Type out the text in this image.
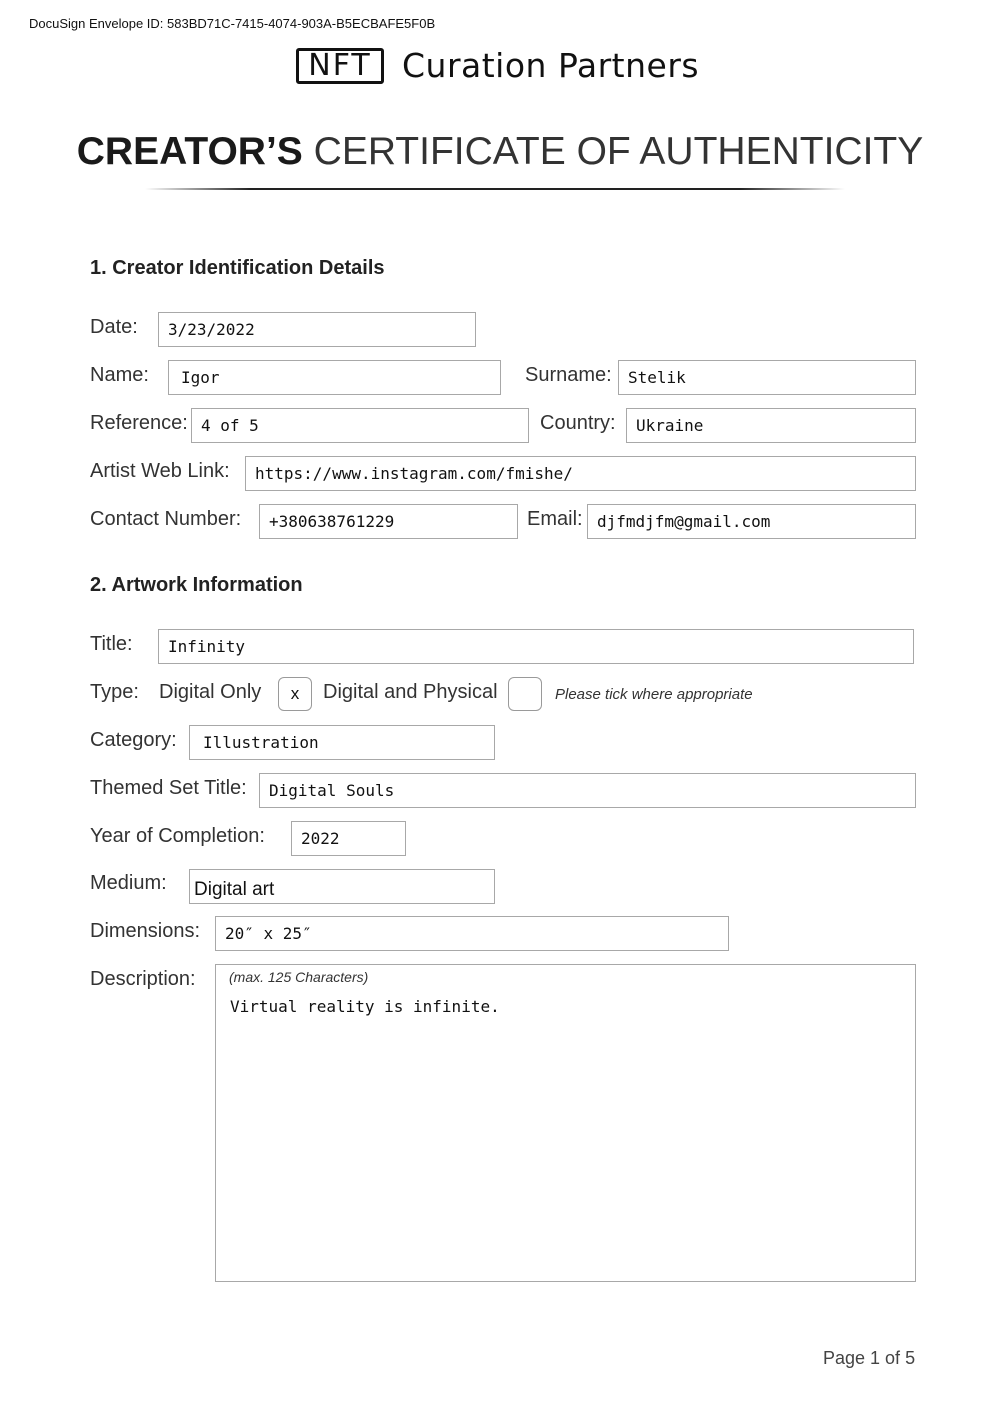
DocuSign Envelope ID: 583BD71C-7415-4074-903A-B5ECBAFE5F0B
NFT Curation Partners
CREATOR’S CERTIFICATE OF AUTHENTICITY
1. Creator Identification Details
Date:	3/23/2022
Name:	Igor	Surname:	Stelik
Reference: 4 of 5	Country:	Ukraine
Artist Web Link:	https://www.instagram.com/fmishe/
Contact Number:	+380638761229	Email: djfmdjfm@gmail.com
2. Artwork Information
Title:	Infinity
Type: Digital Only	x	Digital and Physical	Please tick where appropriate
Category:	Illustration
Themed Set Title:	Digital Souls
Year of Completion:	2022
Medium: Digital art
Dimensions:	20″ x 25″
Description: (max. 125 Characters)
Virtual reality is infinite.
Page 1 of 5
